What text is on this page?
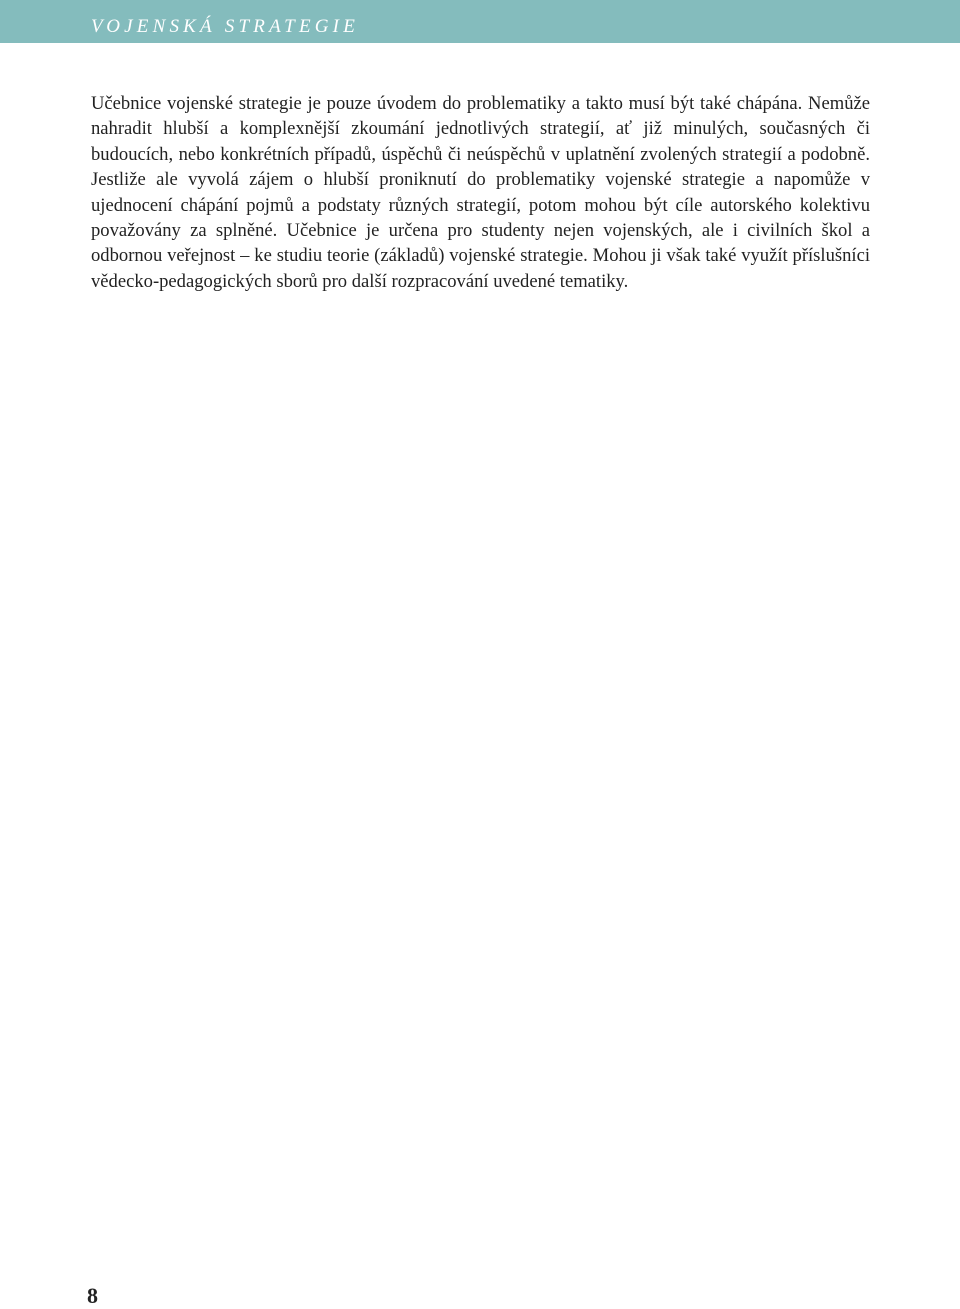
VOJENSKÁ STRATEGIE

Učebnice vojenské strategie je pouze úvodem do problematiky a takto musí být také chápána. Nemůže nahradit hlubší a komplexnější zkoumání jednotlivých strategií, ať již minulých, současných či budoucích, nebo konkrétních případů, úspěchů či neúspěchů v uplatnění zvolených strategií a podobně. Jestliže ale vyvolá zájem o hlubší proniknutí do problematiky vojenské strategie a napomůže v ujednocení chápání pojmů a podstaty různých strategií, potom mohou být cíle autorského kolektivu považovány za splněné. Učebnice je určena pro studenty nejen vojenských, ale i civilních škol a odbornou veřejnost – ke studiu teorie (základů) vojenské strategie. Mohou ji však také využít příslušníci vědecko-pedagogických sborů pro další rozpracování uvedené tematiky.

8
